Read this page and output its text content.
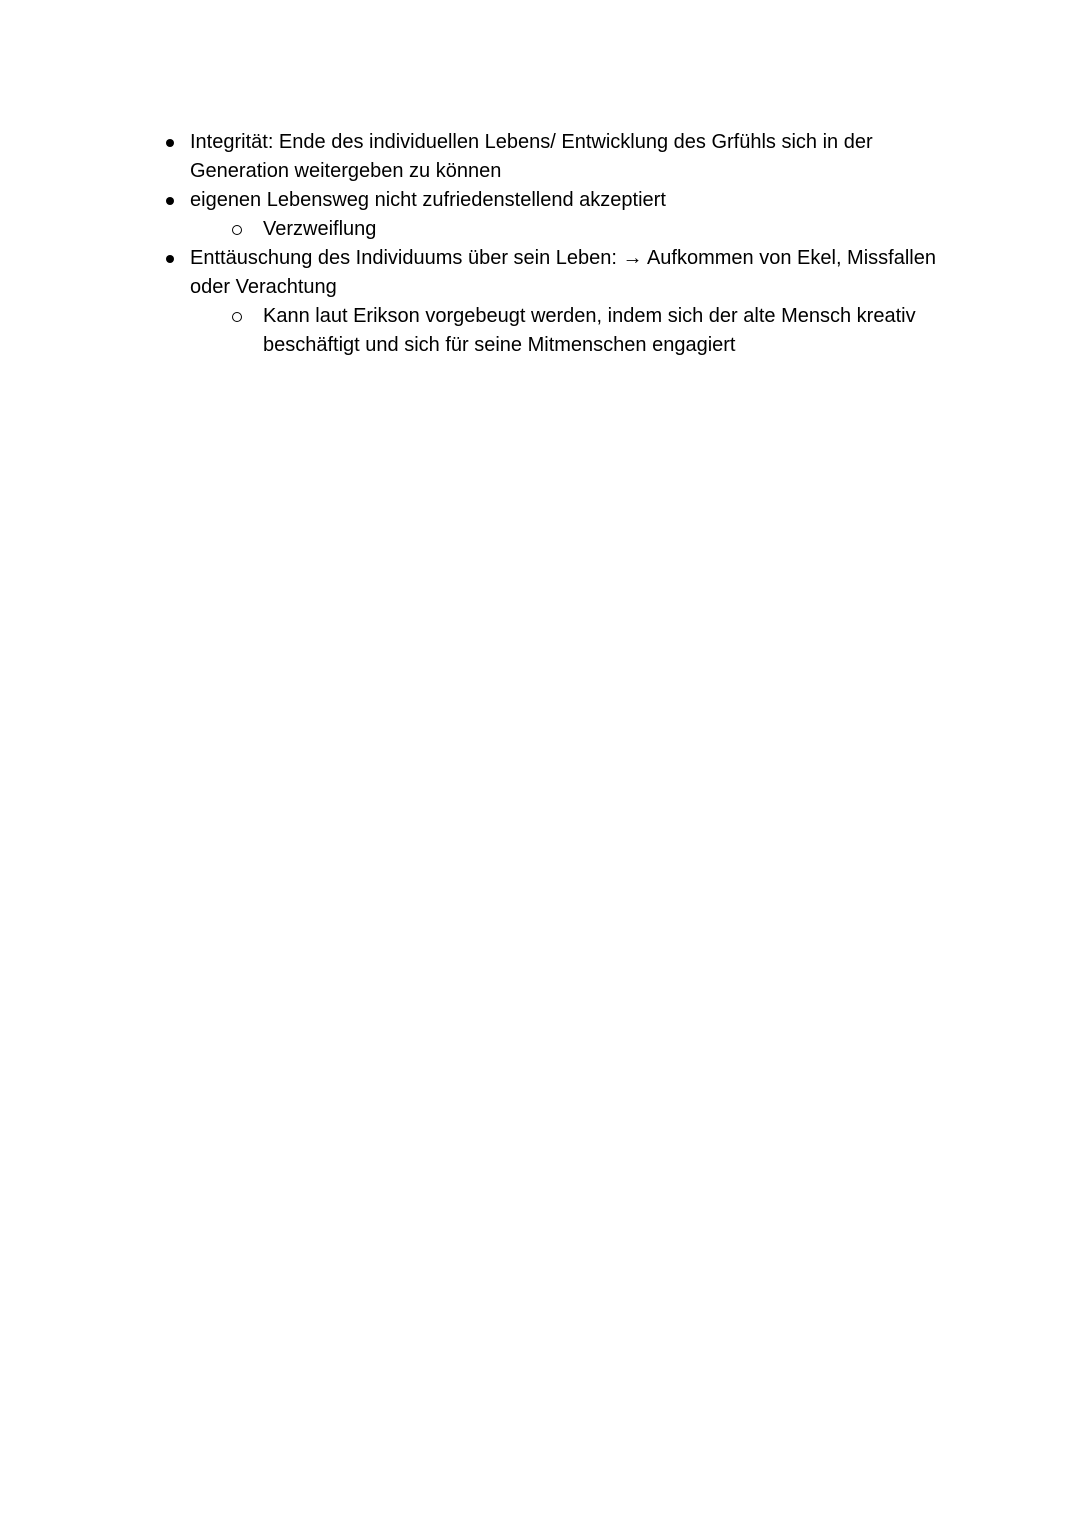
Integrität: Ende des individuellen Lebens/ Entwicklung des Grfühls sich in der Generation weitergeben zu können
eigenen Lebensweg nicht zufriedenstellend akzeptiert
Verzweiflung
Enttäuschung des Individuums über sein Leben: → Aufkommen von Ekel, Missfallen oder Verachtung
Kann laut Erikson vorgebeugt werden, indem sich der alte Mensch kreativ beschäftigt und sich für seine Mitmenschen engagiert
